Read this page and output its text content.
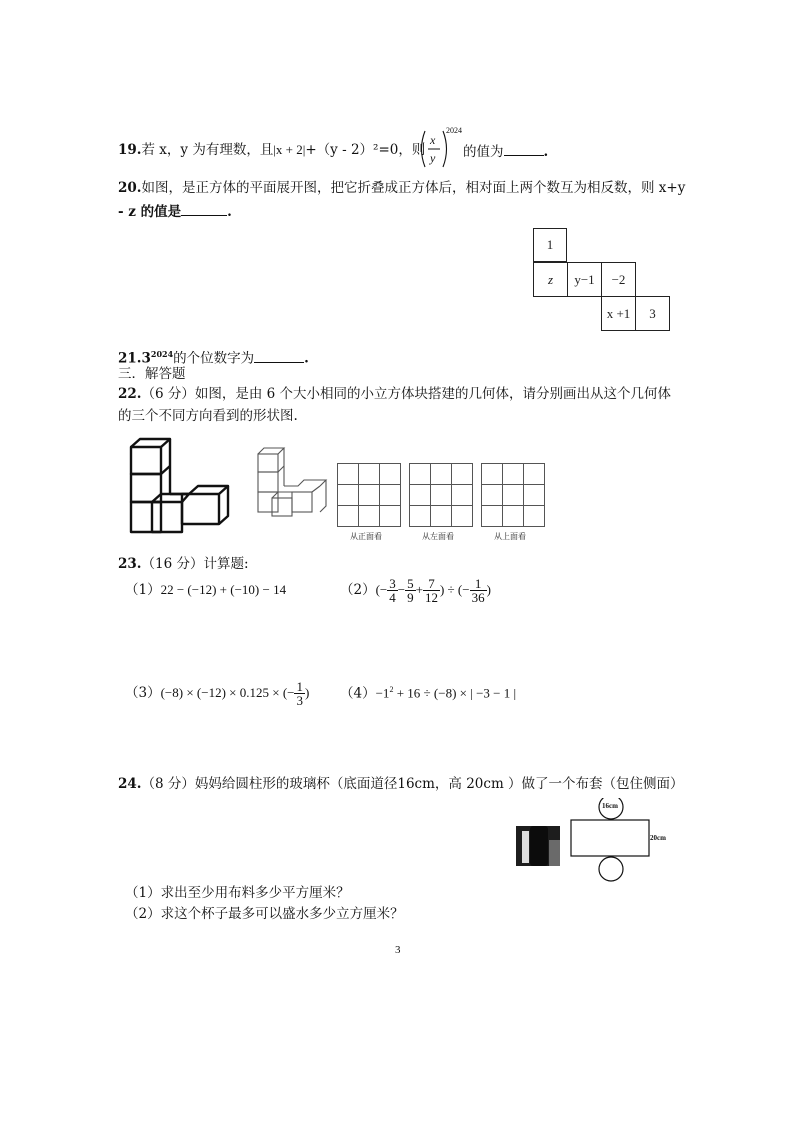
19.若 x，y 为有理数，且|x + 2|+（y - 2）²=0，则
x
y
2024
的值为	.
20.如图，是正方体的平面展开图，把它折叠成正方体后，相对面上两个数互为相反数，则 x+y
- z 的值是	.
1
z	y−1	−2
x +1	3
$21.3^{2024}$的个位数字为	.
三．解答题
22.（6 分）如图，是由 6 个大小相同的小立方体块搭建的几何体，请分别画出从这个几何体
的三个不同方向看到的形状图.
从正面看	从左面看	从上面看
23.（16 分）计算题:
（1）22 − (−12) + (−10) − 14	（2） (− $\frac{3}{4} - \frac{5}{9} + \frac{7}{12}$ ) ÷ (− $\frac{1}{36}$ )
（3） (−8) × (−12) × 0.125 × (− $\frac{1}{3}$ ) $(4)-1^2 + 16 \div (-8)$ × | −3 − 1 |
24.（8 分）妈妈给圆柱形的玻璃杯（底面道径16cm，高 20cm ）做了一个布套（包住侧面）
16cm
20cm
（1）求出至少用布料多少平方厘米？
（2）求这个杯子最多可以盛水多少立方厘米？
3
